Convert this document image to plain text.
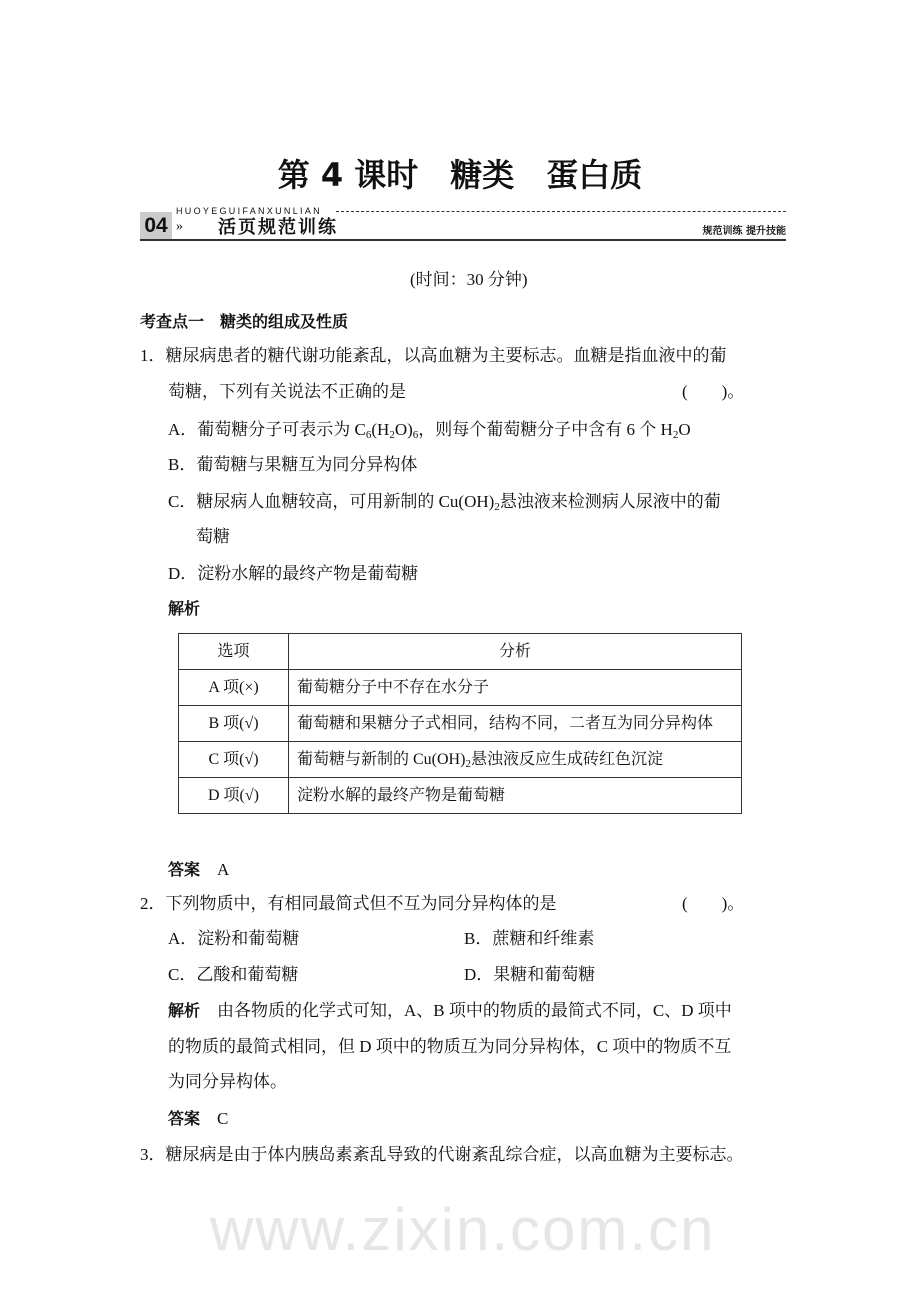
第 4 课时　糖类　蛋白质
04 »
HUOYEGUIFANXUNLIAN
活页规范训练	规范训练 提升技能
www.zixin.com.cn
(时间：30 分钟)
考查点一　糖类的组成及性质
1．糖尿病患者的糖代谢功能紊乱，以高血糖为主要标志。血糖是指血液中的葡
萄糖，下列有关说法不正确的是	(　　)。
A．葡萄糖分子可表示为 $C_6(H_2O)_6$，则每个葡萄糖分子中含有 6 个 $H_2O$
B．葡萄糖与果糖互为同分异构体
C．糖尿病人血糖较高，可用新制的 $Cu(OH)_2$悬浊液来检测病人尿液中的葡
萄糖
D．淀粉水解的最终产物是葡萄糖
解析
选项	分析
A 项(×)	葡萄糖分子中不存在水分子
B 项(√)	葡萄糖和果糖分子式相同，结构不同，二者互为同分异构体
C 项(√)	葡萄糖与新制的 $Cu(OH)_2$悬浊液反应生成砖红色沉淀
D 项(√)	淀粉水解的最终产物是葡萄糖
答案　 A
2．下列物质中，有相同最简式但不互为同分异构体的是	(　　)。
A．淀粉和葡萄糖	B．蔗糖和纤维素
C．乙酸和葡萄糖	D．果糖和葡萄糖
解析　 由各物质的化学式可知，A、B 项中的物质的最简式不同，C、D 项中
的物质的最简式相同，但 D 项中的物质互为同分异构体，C 项中的物质不互
为同分异构体。
答案　 C
3．糖尿病是由于体内胰岛素紊乱导致的代谢紊乱综合症，以高血糖为主要标志。
